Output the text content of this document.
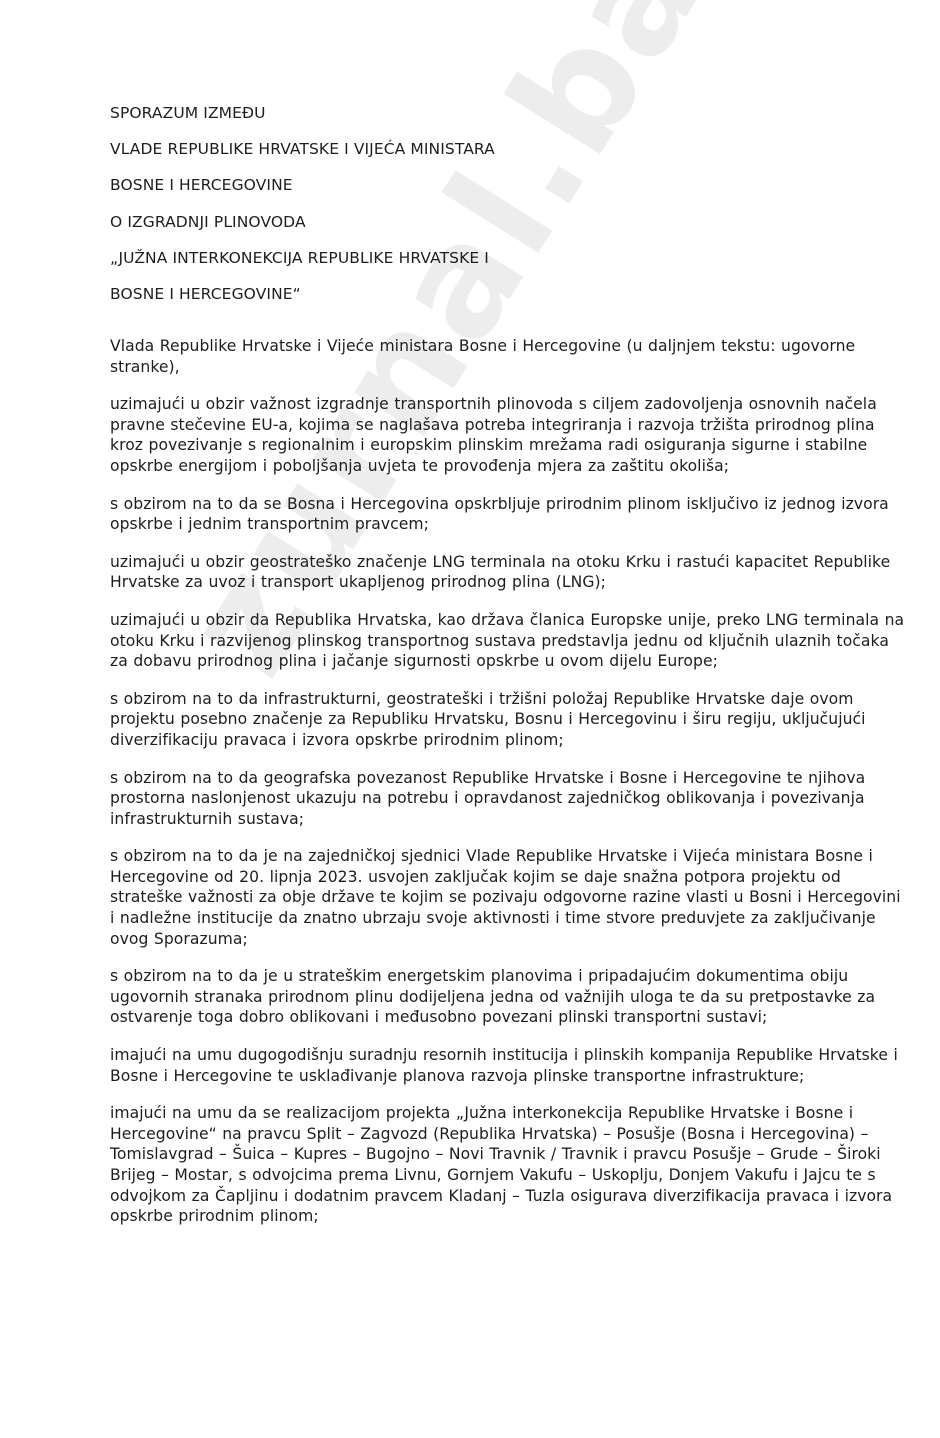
SPORAZUM IZMEĐU
VLADE REPUBLIKE HRVATSKE I VIJEĆA MINISTARA
BOSNE I HERCEGOVINE
O IZGRADNJI PLINOVODA
„JUŽNA INTERKONEKCIJA REPUBLIKE HRVATSKE I
BOSNE I HERCEGOVINE“

Vlada Republike Hrvatske i Vijeće ministara Bosne i Hercegovine (u daljnjem tekstu: ugovorne stranke),

uzimajući u obzir važnost izgradnje transportnih plinovoda s ciljem zadovoljenja osnovnih načela pravne stečevine EU-a, kojima se naglašava potreba integriranja i razvoja tržišta prirodnog plina kroz povezivanje s regionalnim i europskim plinskim mrežama radi osiguranja sigurne i stabilne opskrbe energijom i poboljšanja uvjeta te provođenja mjera za zaštitu okoliša;

s obzirom na to da se Bosna i Hercegovina opskrbljuje prirodnim plinom isključivo iz jednog izvora opskrbe i jednim transportnim pravcem;

uzimajući u obzir geostrateško značenje LNG terminala na otoku Krku i rastući kapacitet Republike Hrvatske za uvoz i transport ukapljenog prirodnog plina (LNG);

uzimajući u obzir da Republika Hrvatska, kao država članica Europske unije, preko LNG terminala na otoku Krku i razvijenog plinskog transportnog sustava predstavlja jednu od ključnih ulaznih točaka za dobavu prirodnog plina i jačanje sigurnosti opskrbe u ovom dijelu Europe;

s obzirom na to da infrastrukturni, geostrateški i tržišni položaj Republike Hrvatske daje ovom projektu posebno značenje za Republiku Hrvatsku, Bosnu i Hercegovinu i širu regiju, uključujući diverzifikaciju pravaca i izvora opskrbe prirodnim plinom;

s obzirom na to da geografska povezanost Republike Hrvatske i Bosne i Hercegovine te njihova prostorna naslonjenost ukazuju na potrebu i opravdanost zajedničkog oblikovanja i povezivanja infrastrukturnih sustava;

s obzirom na to da je na zajedničkoj sjednici Vlade Republike Hrvatske i Vijeća ministara Bosne i Hercegovine od 20. lipnja 2023. usvojen zaključak kojim se daje snažna potpora projektu od strateške važnosti za obje države te kojim se pozivaju odgovorne razine vlasti u Bosni i Hercegovini i nadležne institucije da znatno ubrzaju svoje aktivnosti i time stvore preduvjete za zaključivanje ovog Sporazuma;

s obzirom na to da je u strateškim energetskim planovima i pripadajućim dokumentima obiju ugovornih stranaka prirodnom plinu dodijeljena jedna od važnijih uloga te da su pretpostavke za ostvarenje toga dobro oblikovani i međusobno povezani plinski transportni sustavi;

imajući na umu dugogodišnju suradnju resornih institucija i plinskih kompanija Republike Hrvatske i Bosne i Hercegovine te usklađivanje planova razvoja plinske transportne infrastrukture;

imajući na umu da se realizacijom projekta „Južna interkonekcija Republike Hrvatske i Bosne i Hercegovine“ na pravcu Split – Zagvozd (Republika Hrvatska) – Posušje (Bosna i Hercegovina) – Tomislavgrad – Šuica – Kupres – Bugojno – Novi Travnik / Travnik i pravcu Posušje – Grude – Široki Brijeg – Mostar, s odvojcima prema Livnu, Gornjem Vakufu – Uskoplju, Donjem Vakufu i Jajcu te s odvojkom za Čapljinu i dodatnim pravcem Kladanj – Tuzla osigurava diverzifikacija pravaca i izvora opskrbe prirodnim plinom;
